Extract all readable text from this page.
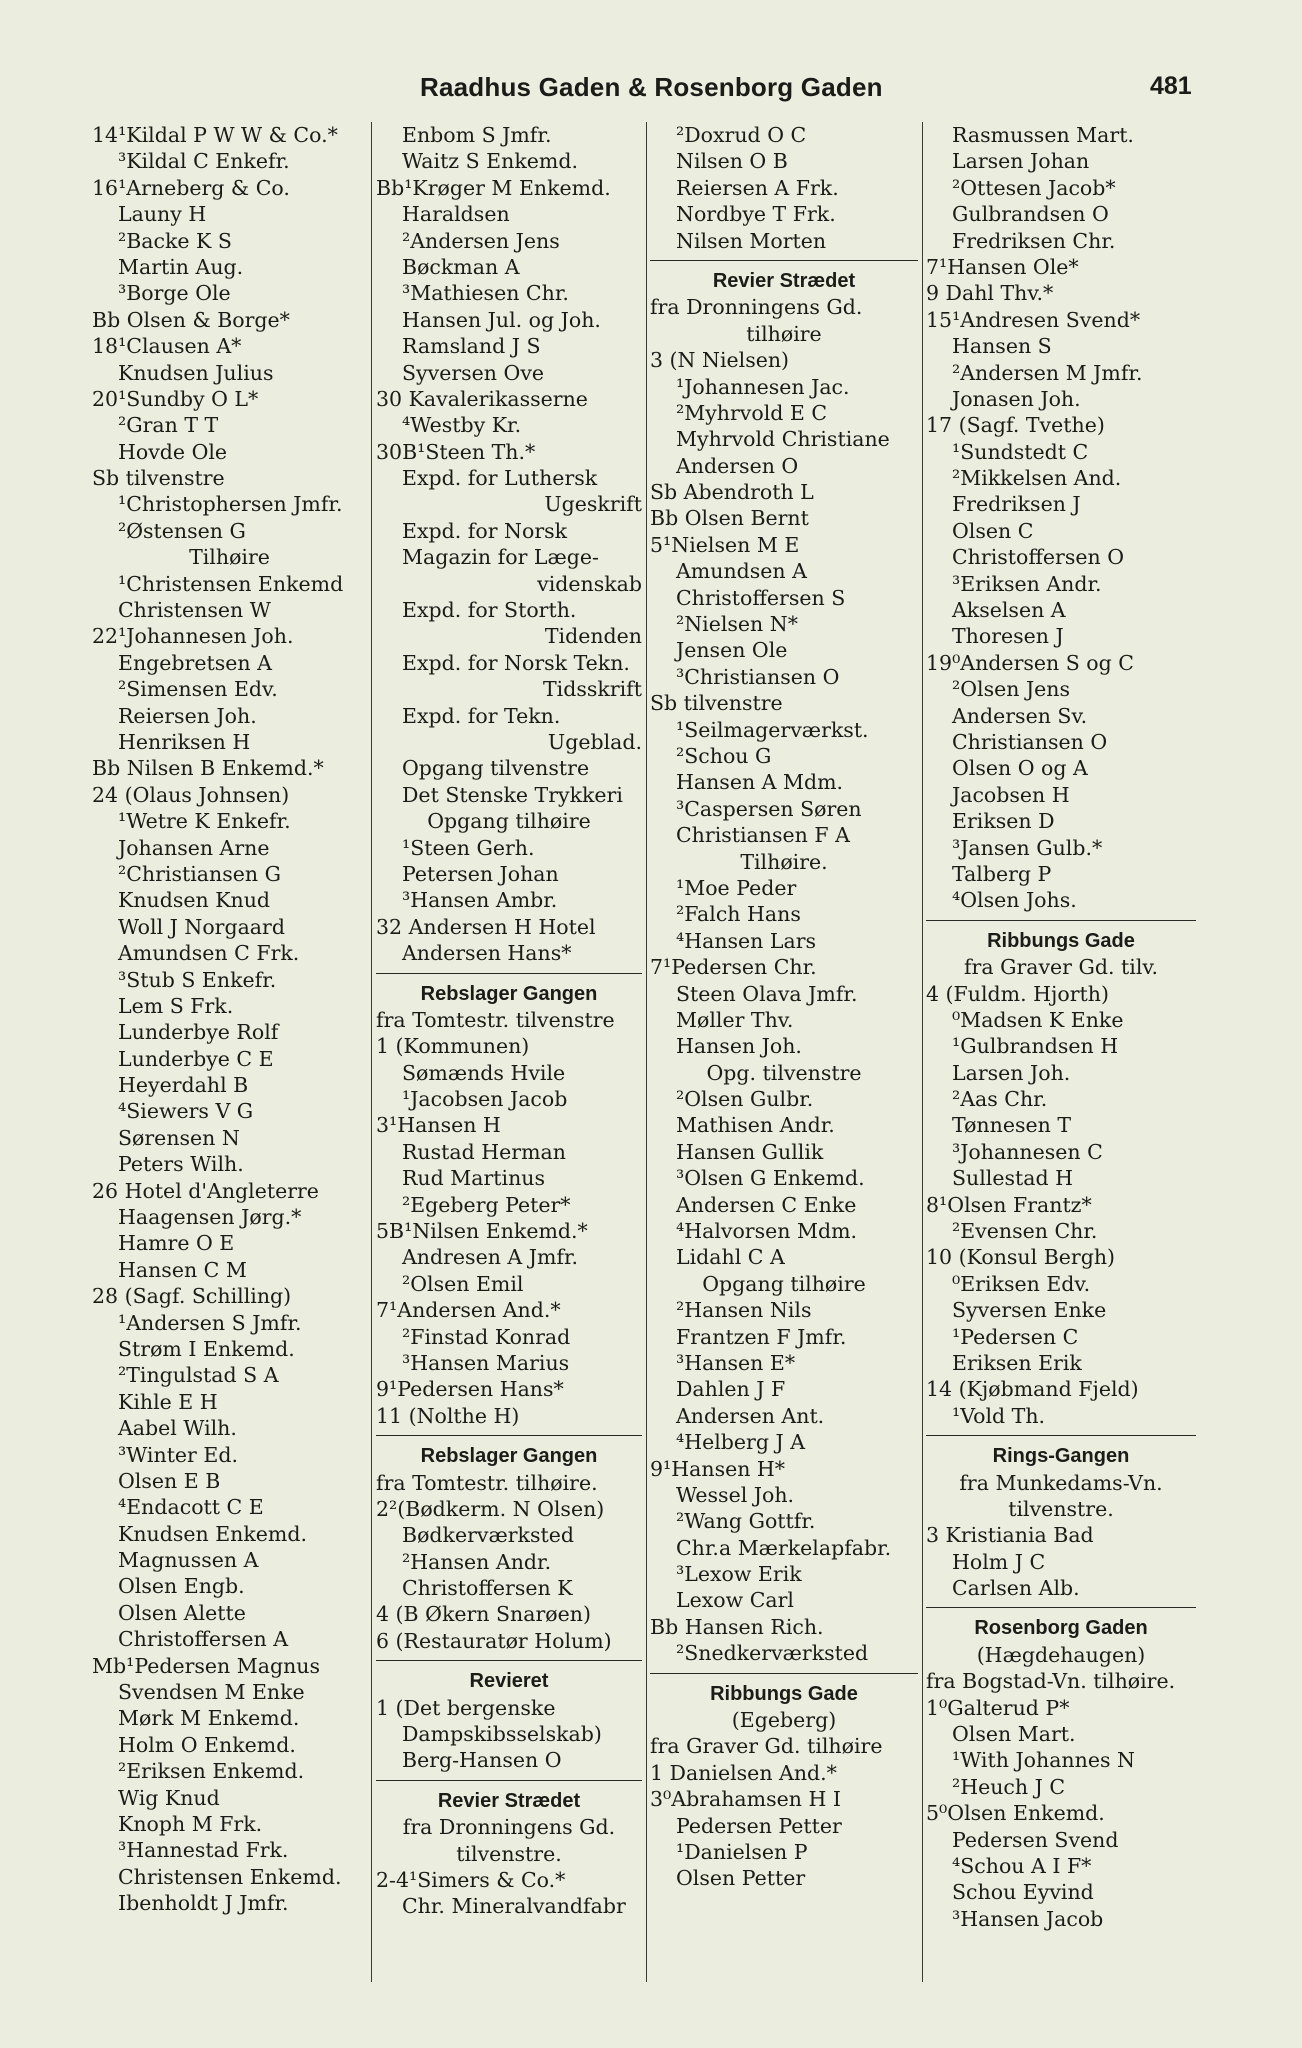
Raadhus Gaden & Rosenborg Gaden	481
14¹Kildal P W W & Co.*
³Kildal C Enkefr.
16¹Arneberg & Co.
Launy H
²Backe K S
Martin Aug.
³Borge Ole
Bb Olsen & Borge*
18¹Clausen A*
Knudsen Julius
20¹Sundby O L*
²Gran T T
Hovde Ole
Sb tilvenstre
¹Christophersen Jmfr.
²Østensen G
Tilhøire
¹Christensen Enkemd
Christensen W
22¹Johannesen Joh.
Engebretsen A
²Simensen Edv.
Reiersen Joh.
Henriksen H
Bb Nilsen B Enkemd.*
24 (Olaus Johnsen)
¹Wetre K Enkefr.
Johansen Arne
²Christiansen G
Knudsen Knud
Woll J Norgaard
Amundsen C Frk.
³Stub S Enkefr.
Lem S Frk.
Lunderbye Rolf
Lunderbye C E
Heyerdahl B
⁴Siewers V G
Sørensen N
Peters Wilh.
26 Hotel d'Angleterre
Haagensen Jørg.*
Hamre O E
Hansen C M
28 (Sagf. Schilling)
¹Andersen S Jmfr.
Strøm I Enkemd.
²Tingulstad S A
Kihle E H
Aabel Wilh.
³Winter Ed.
Olsen E B
⁴Endacott C E
Knudsen Enkemd.
Magnussen A
Olsen Engb.
Olsen Alette
Christoffersen A
Mb¹Pedersen Magnus
Svendsen M Enke
Mørk M Enkemd.
Holm O Enkemd.
²Eriksen Enkemd.
Wig Knud
Knoph M Frk.
³Hannestad Frk.
Christensen Enkemd.
Ibenholdt J Jmfr.
Enbom S Jmfr.
Waitz S Enkemd.
Bb¹Krøger M Enkemd.
Haraldsen
²Andersen Jens
Bøckman A
³Mathiesen Chr.
Hansen Jul. og Joh.
Ramsland J S
Syversen Ove
30 Kavalerikasserne
⁴Westby Kr.
30B¹Steen Th.*
Expd. for Luthersk
Ugeskrift
Expd. for Norsk
Magazin for Læge-
videnskab
Expd. for Storth.
Tidenden
Expd. for Norsk Tekn.
Tidsskrift
Expd. for Tekn.
Ugeblad.
Opgang tilvenstre
Det Stenske Trykkeri
Opgang tilhøire
¹Steen Gerh.
Petersen Johan
³Hansen Ambr.
32 Andersen H Hotel
Andersen Hans*
Rebslager Gangen
fra Tomtestr. tilvenstre
1 (Kommunen)
Sømænds Hvile
¹Jacobsen Jacob
3¹Hansen H
Rustad Herman
Rud Martinus
²Egeberg Peter*
5B¹Nilsen Enkemd.*
Andresen A Jmfr.
²Olsen Emil
7¹Andersen And.*
²Finstad Konrad
³Hansen Marius
9¹Pedersen Hans*
11 (Nolthe H)
Rebslager Gangen
fra Tomtestr. tilhøire.
2²(Bødkerm. N Olsen)
Bødkerværksted
²Hansen Andr.
Christoffersen K
4 (B Økern Snarøen)
6 (Restauratør Holum)
Revieret
1 (Det bergenske
Dampskibsselskab)
Berg-Hansen O
Revier Strædet
fra Dronningens Gd.
tilvenstre.
2-4¹Simers & Co.*
Chr. Mineralvandfabr
²Doxrud O C
Nilsen O B
Reiersen A Frk.
Nordbye T Frk.
Nilsen Morten
Revier Strædet
fra Dronningens Gd.
tilhøire
3 (N Nielsen)
¹Johannesen Jac.
²Myhrvold E C
Myhrvold Christiane
Andersen O
Sb Abendroth L
Bb Olsen Bernt
5¹Nielsen M E
Amundsen A
Christoffersen S
²Nielsen N*
Jensen Ole
³Christiansen O
Sb tilvenstre
¹Seilmagerværkst.
²Schou G
Hansen A Mdm.
³Caspersen Søren
Christiansen F A
Tilhøire.
¹Moe Peder
²Falch Hans
⁴Hansen Lars
7¹Pedersen Chr.
Steen Olava Jmfr.
Møller Thv.
Hansen Joh.
Opg. tilvenstre
²Olsen Gulbr.
Mathisen Andr.
Hansen Gullik
³Olsen G Enkemd.
Andersen C Enke
⁴Halvorsen Mdm.
Lidahl C A
Opgang tilhøire
²Hansen Nils
Frantzen F Jmfr.
³Hansen E*
Dahlen J F
Andersen Ant.
⁴Helberg J A
9¹Hansen H*
Wessel Joh.
²Wang Gottfr.
Chr.a Mærkelapfabr.
³Lexow Erik
Lexow Carl
Bb Hansen Rich.
²Snedkerværksted
Ribbungs Gade
(Egeberg)
fra Graver Gd. tilhøire
1 Danielsen And.*
3⁰Abrahamsen H I
Pedersen Petter
¹Danielsen P
Olsen Petter
Rasmussen Mart.
Larsen Johan
²Ottesen Jacob*
Gulbrandsen O
Fredriksen Chr.
7¹Hansen Ole*
9 Dahl Thv.*
15¹Andresen Svend*
Hansen S
²Andersen M Jmfr.
Jonasen Joh.
17 (Sagf. Tvethe)
¹Sundstedt C
²Mikkelsen And.
Fredriksen J
Olsen C
Christoffersen O
³Eriksen Andr.
Akselsen A
Thoresen J
19⁰Andersen S og C
²Olsen Jens
Andersen Sv.
Christiansen O
Olsen O og A
Jacobsen H
Eriksen D
³Jansen Gulb.*
Talberg P
⁴Olsen Johs.
Ribbungs Gade
fra Graver Gd. tilv.
4 (Fuldm. Hjorth)
⁰Madsen K Enke
¹Gulbrandsen H
Larsen Joh.
²Aas Chr.
Tønnesen T
³Johannesen C
Sullestad H
8¹Olsen Frantz*
²Evensen Chr.
10 (Konsul Bergh)
⁰Eriksen Edv.
Syversen Enke
¹Pedersen C
Eriksen Erik
14 (Kjøbmand Fjeld)
¹Vold Th.
Rings-Gangen
fra Munkedams-Vn.
tilvenstre.
3 Kristiania Bad
Holm J C
Carlsen Alb.
Rosenborg Gaden
(Hægdehaugen)
fra Bogstad-Vn. tilhøire.
1⁰Galterud P*
Olsen Mart.
¹With Johannes N
²Heuch J C
5⁰Olsen Enkemd.
Pedersen Svend
⁴Schou A I F*
Schou Eyvind
³Hansen Jacob
